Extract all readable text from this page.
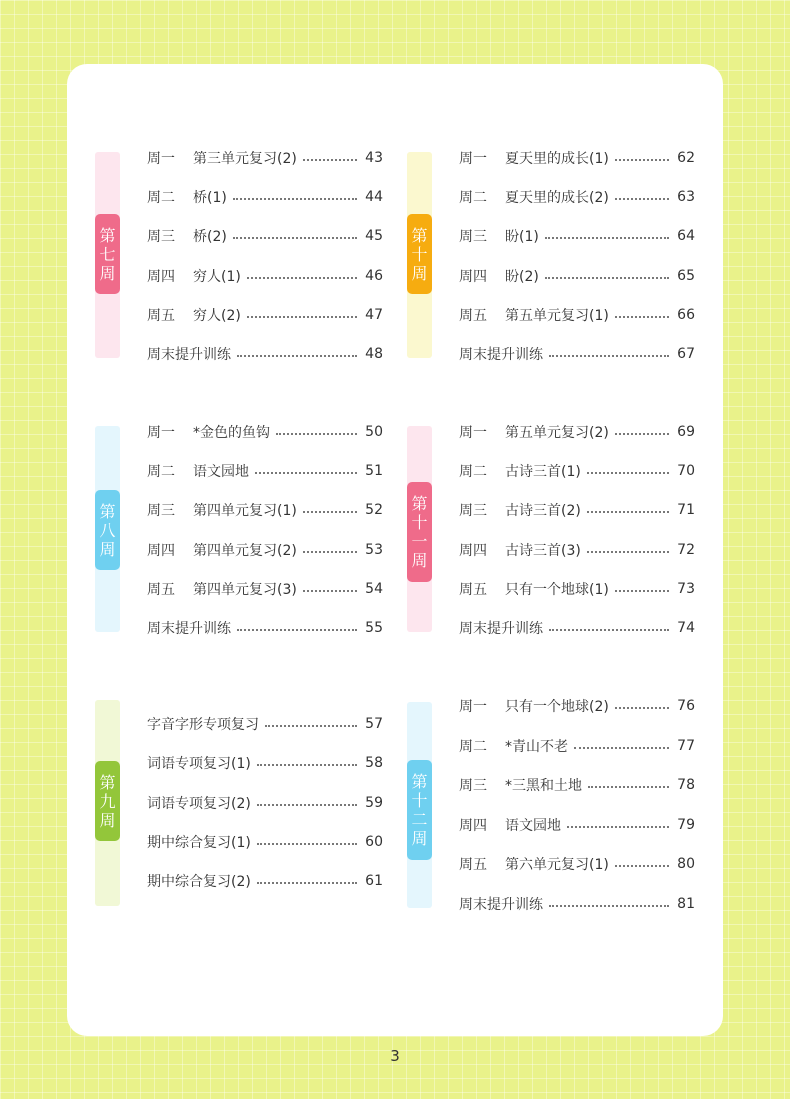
第
七
周
周一	第三单元复习(2)	43
周二	桥(1)	44
周三	桥(2)	45
周四	穷人(1)	46
周五	穷人(2)	47
周末提升训练	48
第
十
周
周一	夏天里的成长(1)	62
周二	夏天里的成长(2)	63
周三	盼(1)	64
周四	盼(2)	65
周五	第五单元复习(1)	66
周末提升训练	67
第
八
周
周一	*金色的鱼钩	50
周二	语文园地	51
周三	第四单元复习(1)	52
周四	第四单元复习(2)	53
周五	第四单元复习(3)	54
周末提升训练	55
第
十
一
周
周一	第五单元复习(2)	69
周二	古诗三首(1)	70
周三	古诗三首(2)	71
周四	古诗三首(3)	72
周五	只有一个地球(1)	73
周末提升训练	74
第
九
周
字音字形专项复习	57
词语专项复习(1)	58
词语专项复习(2)	59
期中综合复习(1)	60
期中综合复习(2)	61
第
十
二
周
周一	只有一个地球(2)	76
周二	*青山不老	77
周三	*三黑和土地	78
周四	语文园地	79
周五	第六单元复习(1)	80
周末提升训练	81
3
